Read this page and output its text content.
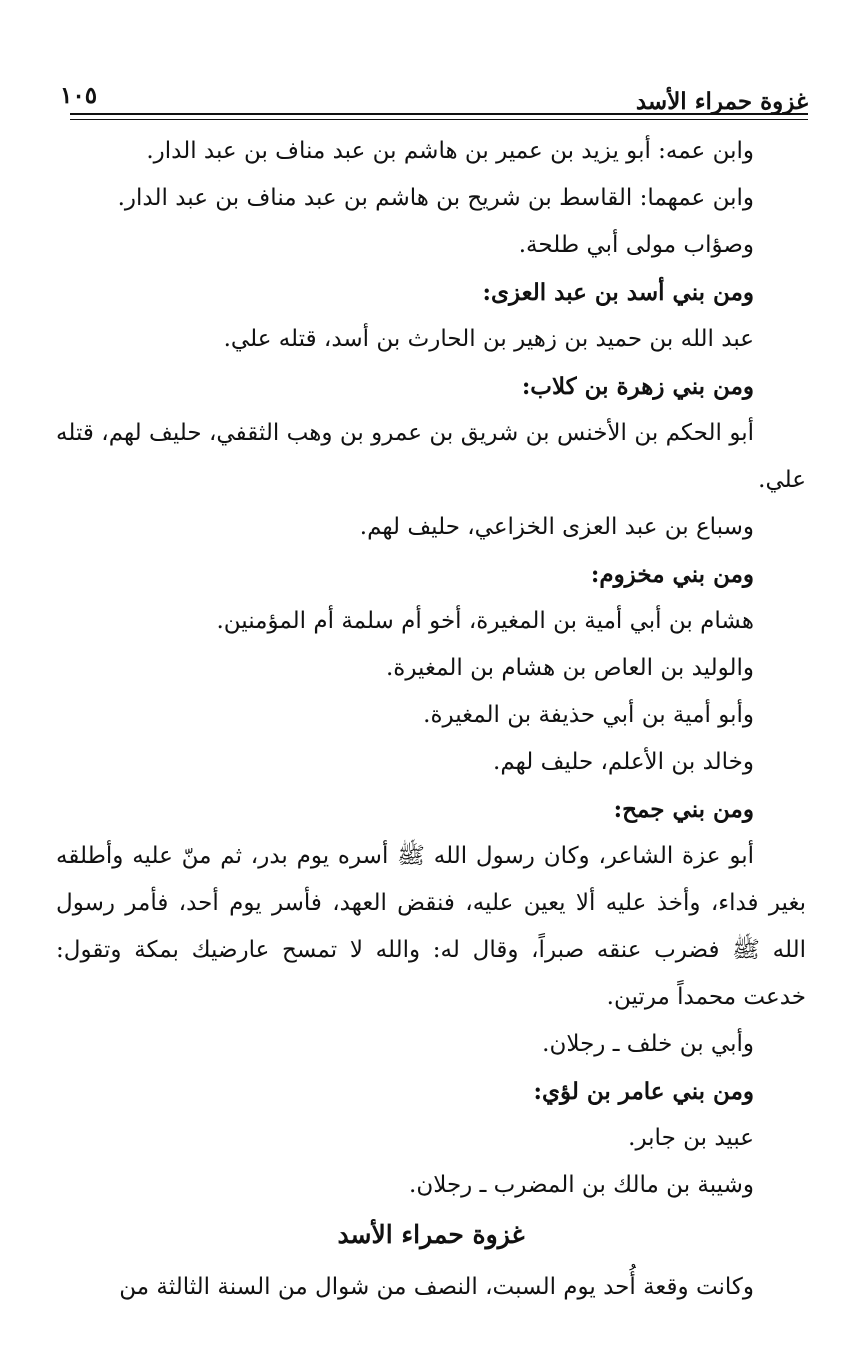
غزوة حمراء الأسد
١٠٥

وابن عمه: أبو يزيد بن عمير بن هاشم بن عبد مناف بن عبد الدار.

وابن عمهما: القاسط بن شريح بن هاشم بن عبد مناف بن عبد الدار.

وصؤاب مولى أبي طلحة.

ومن بني أسد بن عبد العزى:

عبد الله بن حميد بن زهير بن الحارث بن أسد، قتله علي.

ومن بني زهرة بن كلاب:

أبو الحكم بن الأخنس بن شريق بن عمرو بن وهب الثقفي، حليف لهم، قتله علي.

وسباع بن عبد العزى الخزاعي، حليف لهم.

ومن بني مخزوم:

هشام بن أبي أمية بن المغيرة، أخو أم سلمة أم المؤمنين.

والوليد بن العاص بن هشام بن المغيرة.

وأبو أمية بن أبي حذيفة بن المغيرة.

وخالد بن الأعلم، حليف لهم.

ومن بني جمح:

أبو عزة الشاعر، وكان رسول الله ﷺ أسره يوم بدر، ثم منّ عليه وأطلقه بغير فداء، وأخذ عليه ألا يعين عليه، فنقض العهد، فأسر يوم أحد، فأمر رسول الله ﷺ فضرب عنقه صبراً، وقال له: والله لا تمسح عارضيك بمكة وتقول: خدعت محمداً مرتين.

وأبي بن خلف ـ رجلان.

ومن بني عامر بن لؤي:

عبيد بن جابر.

وشيبة بن مالك بن المضرب ـ رجلان.

غزوة حمراء الأسد

وكانت وقعة أُحد يوم السبت، النصف من شوال من السنة الثالثة من
